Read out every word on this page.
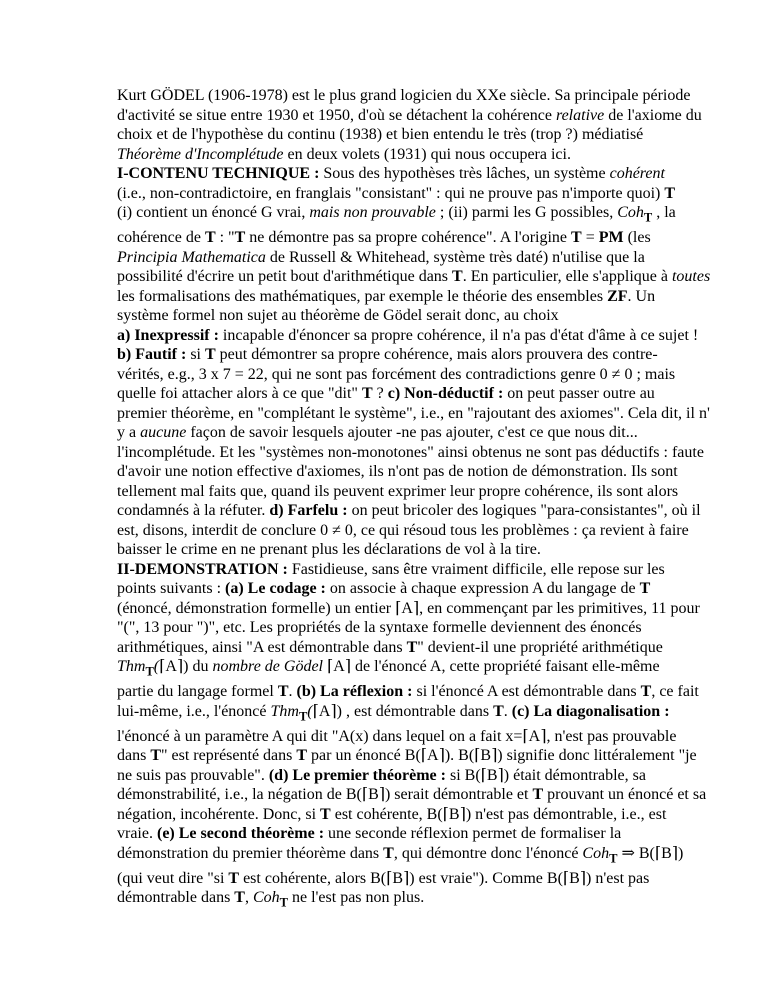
Kurt GÖDEL (1906-1978) est le plus grand logicien du XXe siècle. Sa principale période
d'activité se situe entre 1930 et 1950, d'où se détachent la cohérence relative de l'axiome du
choix et de l'hypothèse du continu (1938) et bien entendu le très (trop ?) médiatisé
Théorème d'Incomplétude en deux volets (1931) qui nous occupera ici.
I-CONTENU TECHNIQUE : Sous des hypothèses très lâches, un système cohérent
(i.e., non-contradictoire, en franglais "consistant" : qui ne prouve pas n'importe quoi) T
(i) contient un énoncé G vrai, mais non prouvable ; (ii) parmi les G possibles, Coh$_T$ , la
cohérence de T : "T ne démontre pas sa propre cohérence". A l'origine T = PM (les
Principia Mathematica de Russell & Whitehead, système très daté) n'utilise que la
possibilité d'écrire un petit bout d'arithmétique dans T. En particulier, elle s'applique à toutes
les formalisations des mathématiques, par exemple le théorie des ensembles ZF. Un
système formel non sujet au théorème de Gödel serait donc, au choix
a) Inexpressif : incapable d'énoncer sa propre cohérence, il n'a pas d'état d'âme à ce sujet !
b) Fautif : si T peut démontrer sa propre cohérence, mais alors prouvera des contre-
vérités, e.g., 3 x 7 = 22, qui ne sont pas forcément des contradictions genre 0 ≠ 0 ; mais
quelle foi attacher alors à ce que "dit" T ? c) Non-déductif : on peut passer outre au
premier théorème, en "complétant le système", i.e., en "rajoutant des axiomes". Cela dit, il n'
y a aucune façon de savoir lesquels ajouter -ne pas ajouter, c'est ce que nous dit...
l'incomplétude. Et les "systèmes non-monotones" ainsi obtenus ne sont pas déductifs : faute
d'avoir une notion effective d'axiomes, ils n'ont pas de notion de démonstration. Ils sont
tellement mal faits que, quand ils peuvent exprimer leur propre cohérence, ils sont alors
condamnés à la réfuter. d) Farfelu : on peut bricoler des logiques "para-consistantes", où il
est, disons, interdit de conclure 0 ≠ 0, ce qui résoud tous les problèmes : ça revient à faire
baisser le crime en ne prenant plus les déclarations de vol à la tire.
II-DEMONSTRATION : Fastidieuse, sans être vraiment difficile, elle repose sur les
points suivants : (a) Le codage : on associe à chaque expression A du langage de T
(énoncé, démonstration formelle) un entier ⌈A⌉, en commençant par les primitives, 11 pour
"(", 13 pour ")", etc. Les propriétés de la syntaxe formelle deviennent des énoncés
arithmétiques, ainsi "A est démontrable dans T" devient-il une propriété arithmétique
Thm$_T$(⌈A⌉) du nombre de Gödel ⌈A⌉ de l'énoncé A, cette propriété faisant elle-même
partie du langage formel T. (b) La réflexion : si l'énoncé A est démontrable dans T, ce fait
lui-même, i.e., l'énoncé Thm$_T$(⌈A⌉) , est démontrable dans T. (c) La diagonalisation :
l'énoncé à un paramètre A qui dit "A(x) dans lequel on a fait x=⌈A⌉, n'est pas prouvable
dans T" est représenté dans T par un énoncé B(⌈A⌉). B(⌈B⌉) signifie donc littéralement "je
ne suis pas prouvable". (d) Le premier théorème : si B(⌈B⌉) était démontrable, sa
démonstrabilité, i.e., la négation de B(⌈B⌉) serait démontrable et T prouvant un énoncé et sa
négation, incohérente. Donc, si T est cohérente, B(⌈B⌉) n'est pas démontrable, i.e., est
vraie. (e) Le second théorème : une seconde réflexion permet de formaliser la
démonstration du premier théorème dans T, qui démontre donc l'énoncé Coh$_T$ ⇒ B(⌈B⌉)
(qui veut dire "si T est cohérente, alors B(⌈B⌉) est vraie"). Comme B(⌈B⌉) n'est pas
démontrable dans T, Coh$_T$ ne l'est pas non plus.
